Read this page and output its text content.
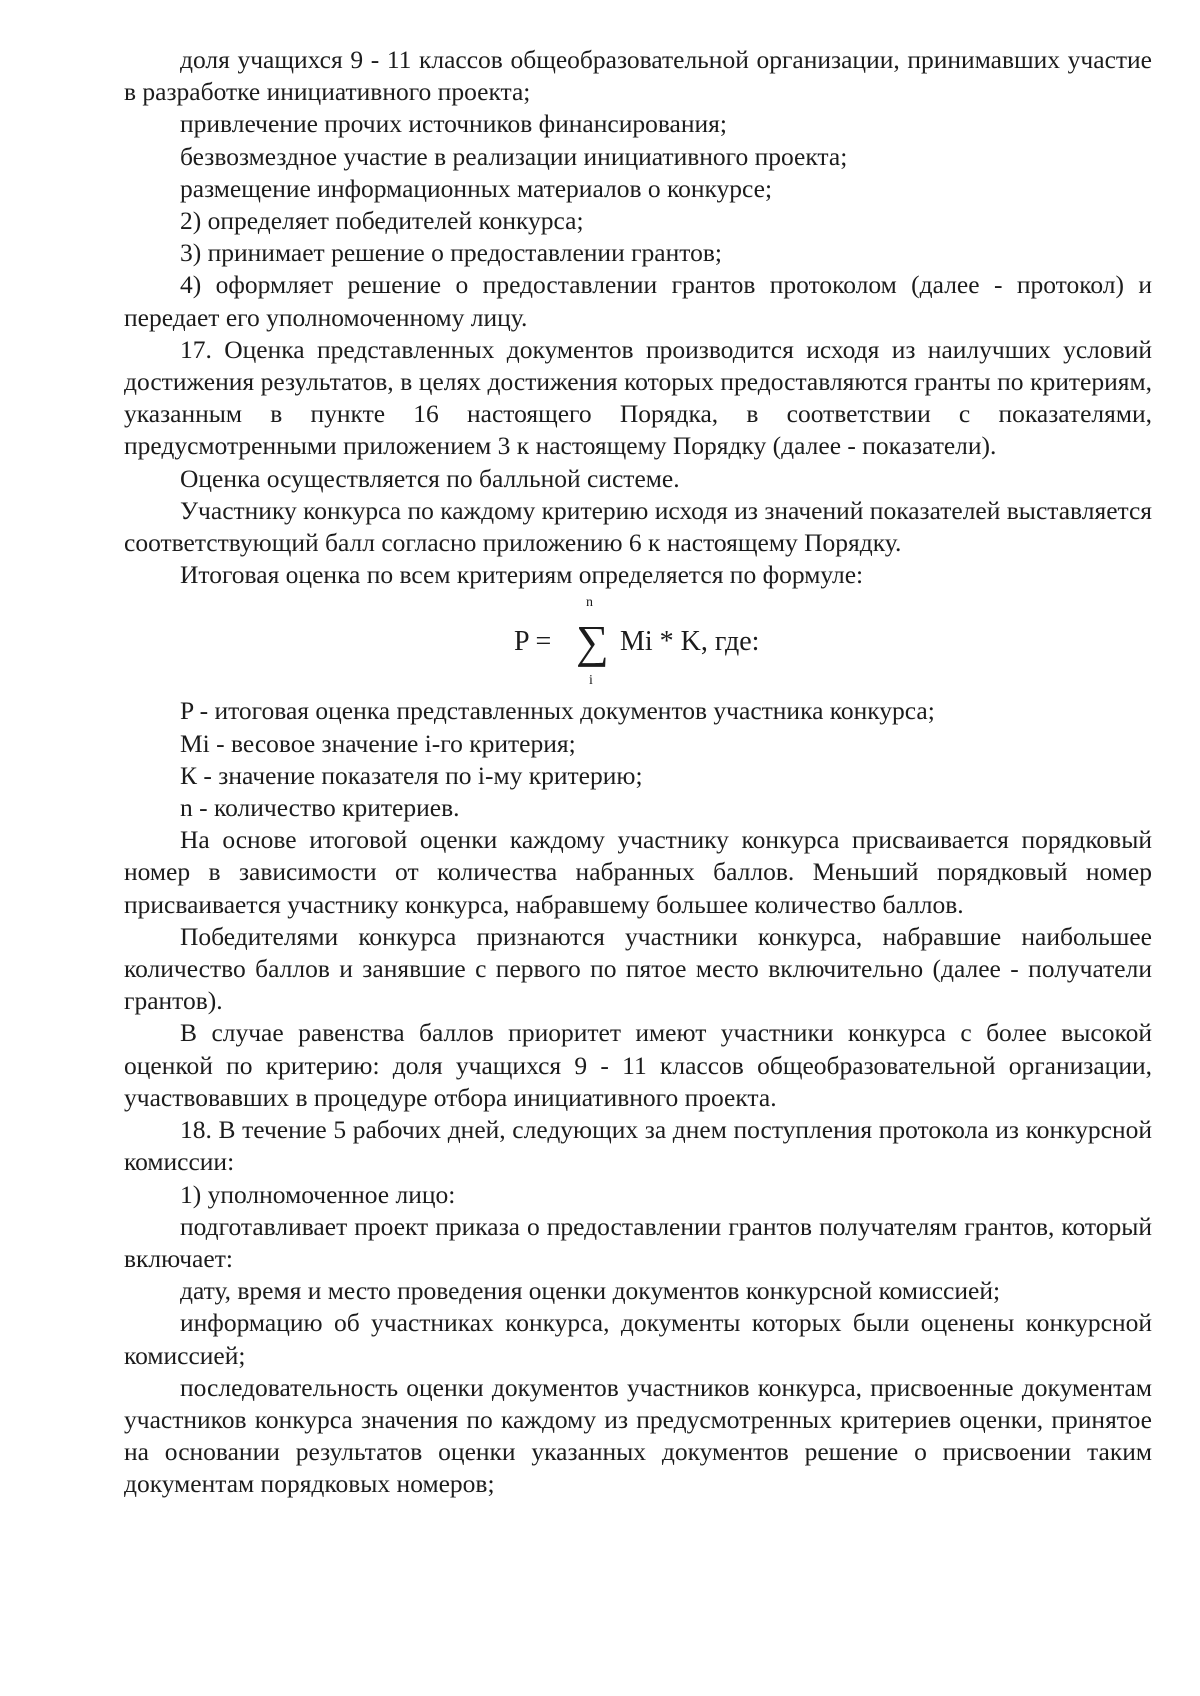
доля учащихся 9 - 11 классов общеобразовательной организации, принимавших участие в разработке инициативного проекта;

привлечение прочих источников финансирования;

безвозмездное участие в реализации инициативного проекта;

размещение информационных материалов о конкурсе;

2) определяет победителей конкурса;

3) принимает решение о предоставлении грантов;

4) оформляет решение о предоставлении грантов протоколом (далее - протокол) и передает его уполномоченному лицу.

17. Оценка представленных документов производится исходя из наилучших условий достижения результатов, в целях достижения которых предоставляются гранты по критериям, указанным в пункте 16 настоящего Порядка, в соответствии с показателями, предусмотренными приложением 3 к настоящему Порядку (далее - показатели).

Оценка осуществляется по балльной системе.

Участнику конкурса по каждому критерию исходя из значений показателей выставляется соответствующий балл согласно приложению 6 к настоящему Порядку.

Итоговая оценка по всем критериям определяется по формуле:

P =
n
∑
i
Mi * K, где:

P - итоговая оценка представленных документов участника конкурса;

Mi - весовое значение i-го критерия;

К - значение показателя по i-му критерию;

n - количество критериев.

На основе итоговой оценки каждому участнику конкурса присваивается порядковый номер в зависимости от количества набранных баллов. Меньший порядковый номер присваивается участнику конкурса, набравшему большее количество баллов.

Победителями конкурса признаются участники конкурса, набравшие наибольшее количество баллов и занявшие с первого по пятое место включительно (далее - получатели грантов).

В случае равенства баллов приоритет имеют участники конкурса с более высокой оценкой по критерию: доля учащихся 9 - 11 классов общеобразовательной организации, участвовавших в процедуре отбора инициативного проекта.

18. В течение 5 рабочих дней, следующих за днем поступления протокола из конкурсной комиссии:

1) уполномоченное лицо:

подготавливает проект приказа о предоставлении грантов получателям грантов, который включает:

дату, время и место проведения оценки документов конкурсной комиссией;

информацию об участниках конкурса, документы которых были оценены конкурсной комиссией;

последовательность оценки документов участников конкурса, присвоенные документам участников конкурса значения по каждому из предусмотренных критериев оценки, принятое на основании результатов оценки указанных документов решение о присвоении таким документам порядковых номеров;
